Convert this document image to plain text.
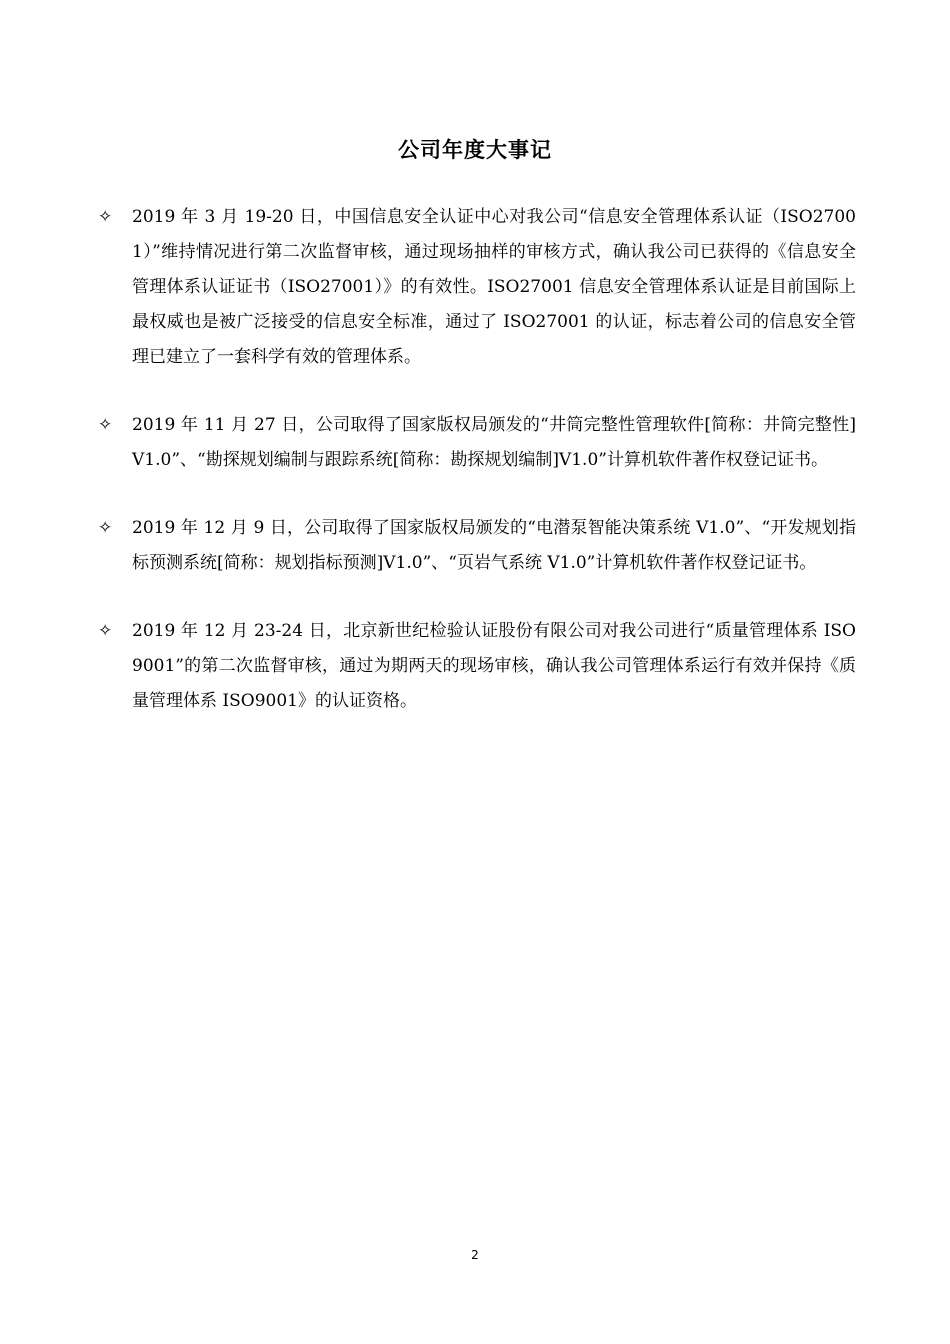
公司年度大事记
✧ 2019 年 3 月 19-20 日，中国信息安全认证中心对我公司“信息安全管理体系认证（ISO27001）”维持情况进行第二次监督审核，通过现场抽样的审核方式，确认我公司已获得的《信息安全管理体系认证证书（ISO27001）》的有效性。ISO27001 信息安全管理体系认证是目前国际上最权威也是被广泛接受的信息安全标准，通过了 ISO27001 的认证，标志着公司的信息安全管理已建立了一套科学有效的管理体系。
✧ 2019 年 11 月 27 日，公司取得了国家版权局颁发的“井筒完整性管理软件[简称：井筒完整性]V1.0”、“勘探规划编制与跟踪系统[简称：勘探规划编制]V1.0”计算机软件著作权登记证书。
✧ 2019 年 12 月 9 日，公司取得了国家版权局颁发的“电潜泵智能决策系统 V1.0”、“开发规划指标预测系统[简称：规划指标预测]V1.0”、“页岩气系统 V1.0”计算机软件著作权登记证书。
✧ 2019 年 12 月 23-24 日，北京新世纪检验认证股份有限公司对我公司进行“质量管理体系 ISO9001”的第二次监督审核，通过为期两天的现场审核，确认我公司管理体系运行有效并保持《质量管理体系 ISO9001》的认证资格。
2
